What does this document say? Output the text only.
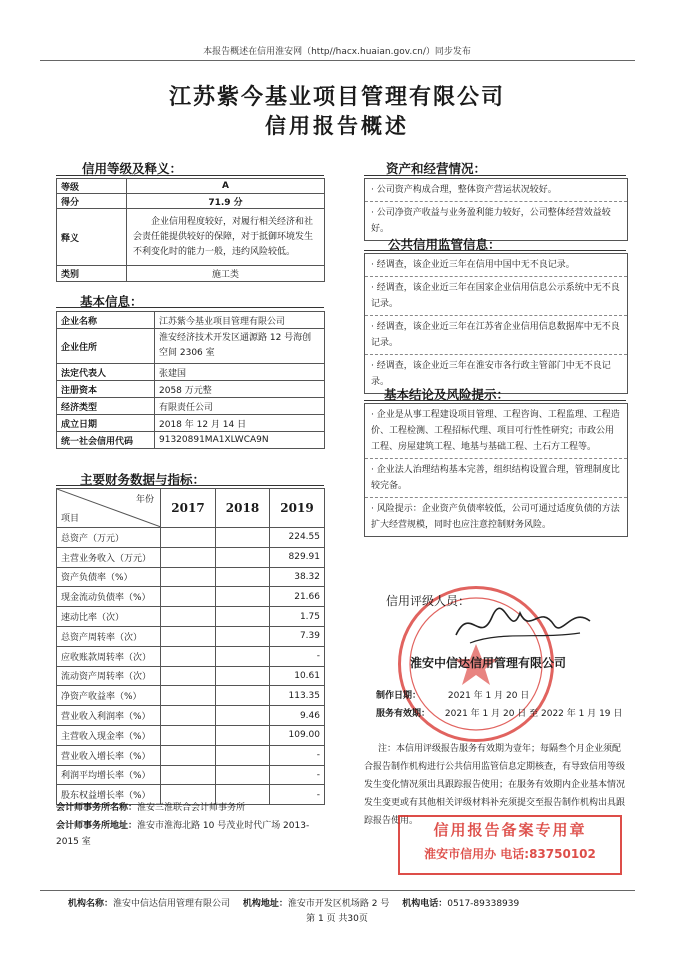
本报告概述在信用淮安网（http//hacx.huaian.gov.cn/）同步发布
江苏紫今基业项目管理有限公司
信用报告概述
信用等级及释义：
等级	A
得分	71.9 分
释义	企业信用程度较好，对履行相关经济和社会责任能提供较好的保障，对于抵御环境发生不利变化时的能力一般，违约风险较低。
类别	施工类
基本信息：
企业名称	江苏紫今基业项目管理有限公司
企业住所	淮安经济技术开发区通源路 12 号海创空间 2306 室
法定代表人	张建国
注册资本	2058 万元整
经济类型	有限责任公司
成立日期	2018 年 12 月 14 日
统一社会信用代码	91320891MA1XLWCA9N
主要财务数据与指标：
年份
项目	2017	2018	2019
总资产（万元）			224.55
主营业务收入（万元）			829.91
资产负债率（%）			38.32
现金流动负债率（%）			21.66
速动比率（次）			1.75
总资产周转率（次）			7.39
应收账款周转率（次）			-
流动资产周转率（次）			10.61
净资产收益率（%）			113.35
营业收入利润率（%）			9.46
主营收入现金率（%）			109.00
营业收入增长率（%）			-
利润平均增长率（%）			-
股东权益增长率（%）			-
会计师事务所名称：淮安三淮联合会计师事务所
会计师事务所地址：淮安市淮海北路 10 号茂业时代广场 2013-2015 室
资产和经营情况：
· 公司资产构成合理，整体资产营运状况较好。
· 公司净资产收益与业务盈利能力较好，公司整体经营效益较好。
公共信用监管信息：
· 经调查，该企业近三年在信用中国中无不良记录。
· 经调查，该企业近三年在国家企业信用信息公示系统中无不良记录。
· 经调查，该企业近三年在江苏省企业信用信息数据库中无不良记录。
· 经调查，该企业近三年在淮安市各行政主管部门中无不良记录。
基本结论及风险提示：
· 企业是从事工程建设项目管理、工程咨询、工程监理、工程造价、工程检测、工程招标代理、项目可行性性研究；市政公用工程、房屋建筑工程、地基与基础工程、土石方工程等。
· 企业法人治理结构基本完善，组织结构设置合理，管理制度比较完备。
· 风险提示：企业资产负债率较低，公司可通过适度负债的方法扩大经营规模，同时也应注意控制财务风险。
信用评级人员：
淮安中信达信用管理有限公司
制作日期：	2021 年 1 月 20 日
服务有效期： 2021 年 1 月 20 日 至 2022 年 1 月 19 日
注：本信用评级报告服务有效期为壹年；每隔叁个月企业须配合报告制作机构进行公共信用监管信息定期核查，有导致信用等级发生变化情况须出具跟踪报告使用；在服务有效期内企业基本情况发生变更或有其他相关评级材料补充须提交至报告制作机构出具跟踪报告使用。	信用报告备案专用章
淮安市信用办 电话:83750102
机构名称：淮安中信达信用管理有限公司 机构地址：淮安市开发区机场路 2 号 机构电话：0517-89338939
第 1 页 共30页
